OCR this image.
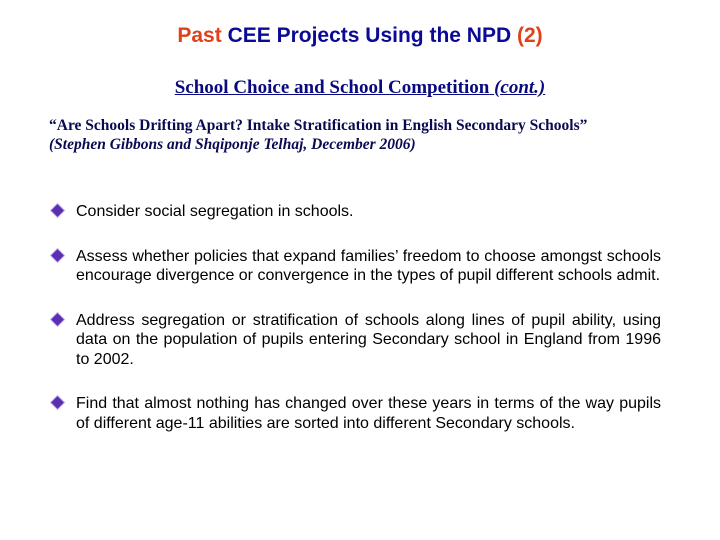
Past CEE Projects Using the NPD (2)
School Choice and School Competition (cont.)
“Are Schools Drifting Apart? Intake Stratification in English Secondary Schools”
(Stephen Gibbons and Shqiponje Telhaj, December 2006)
Consider social segregation in schools.
Assess whether policies that expand families’ freedom to choose amongst schools encourage divergence or convergence in the types of pupil different schools admit.
Address segregation or stratification of schools along lines of pupil ability, using data on the population of pupils entering Secondary school in England from 1996 to 2002.
Find that almost nothing has changed over these years in terms of the way pupils of different age-11 abilities are sorted into different Secondary schools.
